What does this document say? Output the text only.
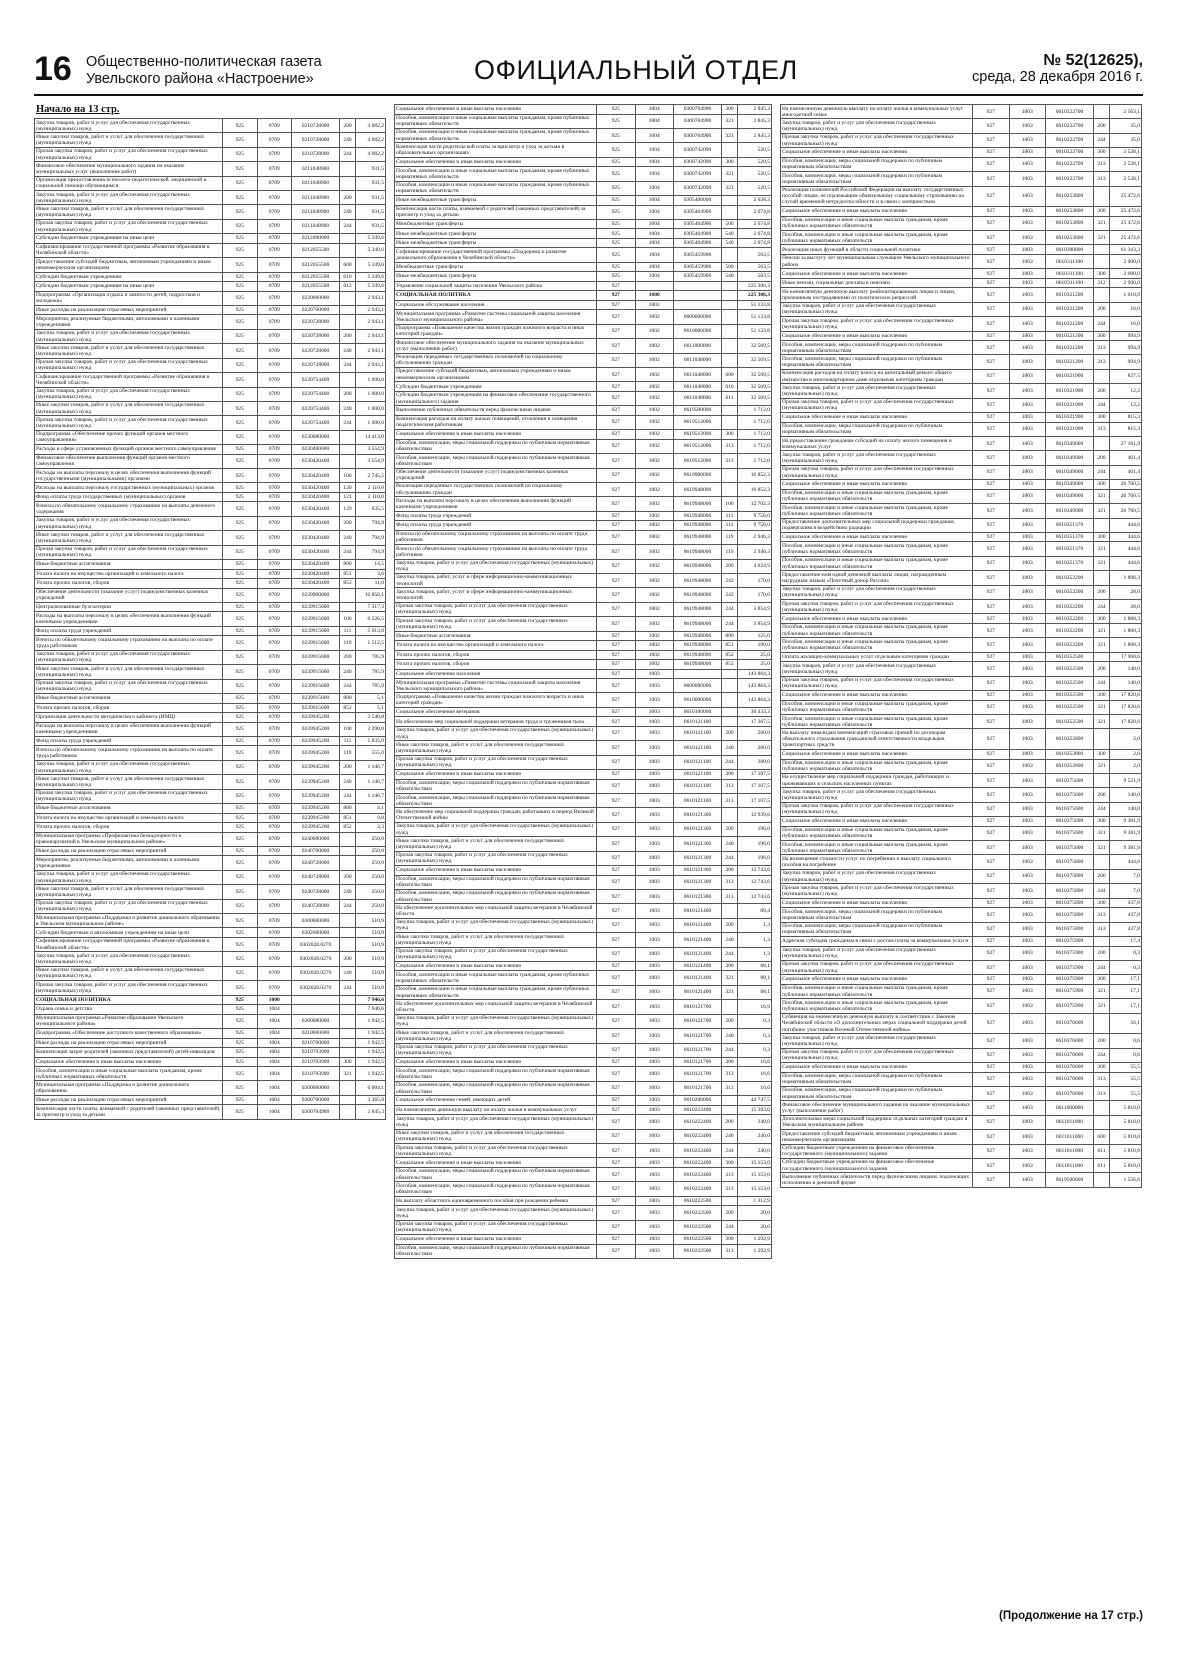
16 Общественно-политическая газета
Увельского района «Настроение»	ОФИЦИАЛЬНЫЙ ОТДЕЛ	№ 52(12625),
среда, 28 декабря 2016 г.
Начало на 13 стр.
Закупка товаров, работ и услуг для обеспечения государственных (муниципальных) нужд	925	0709	0210728000	200	4 082,2
Иные закупки товаров, работ и услуг для обеспечения государственных (муниципальных) нужд	925	0709	0210728000	240	4 082,2
Прочая закупка товаров, работ и услуг для обеспечения государственных (муниципальных) нужд	925	0709	0210728000	244	4 082,2
Финансовое обеспечение муниципального задания на оказание муниципальных услуг (выполнение работ)	925	0709	0211048900		931,5
Организация предоставления психолого-педагогической, медицинской и социальной помощи обучающимся	925	0709	0211048900		931,5
Закупка товаров, работ и услуг для обеспечения государственных (муниципальных) нужд	925	0709	0211048900	200	931,5
Иные закупки товаров, работ и услуг для обеспечения государственных (муниципальных) нужд	925	0709	0211048900	240	931,5
Прочая закупка товаров, работ и услуг для обеспечения государственных (муниципальных) нужд	925	0709	0211048900	244	931,5
Субсидии бюджетным учреждениям на иные цели	925	0709	0212000000		5 349,6
Софинансирование государственной программы «Развитие образования в Челябинской области»	925	0709	0212055500		5 349,6
Предоставление субсидий бюджетным, автономным учреждениям и иным некоммерческим организациям	925	0709	0212055500	600	5 349,6
Субсидии бюджетным учреждениям	925	0709	0212055500	610	5 349,6
Субсидии бюджетным учреждениям на иные цели	925	0709	0212055500	612	5 349,6
Подпрограмма «Организация отдыха и занятости детей, подростков и молодежи»	925	0709	0220000000		2 943,1
Иные расходы на реализацию отраслевых мероприятий	925	0709	0220700000		2 943,1
Мероприятия, реализуемые бюджетными, автономными и казенными учреждениями	925	0709	0220728000		2 943,1
Закупка товаров, работ и услуг для обеспечения государственных (муниципальных) нужд	925	0709	0220728000	200	2 943,1
Иные закупки товаров, работ и услуг для обеспечения государственных (муниципальных) нужд	925	0709	0220728000	240	2 943,1
Прочая закупка товаров, работ и услуг для обеспечения государственных (муниципальных) нужд	925	0709	0220728000	244	2 943,1
Софинансирование государственной программы «Развитие образования в Челябинской области»	925	0709	0220754400		1 000,0
Закупка товаров, работ и услуг для обеспечения государственных (муниципальных) нужд	925	0709	0220754400	200	1 000,0
Иные закупки товаров, работ и услуг для обеспечения государственных (муниципальных) нужд	925	0709	0220754400	240	1 000,0
Прочая закупка товаров, работ и услуг для обеспечения государственных (муниципальных) нужд	925	0709	0220754400	244	1 000,0
Подпрограмма «Обеспечение прочих функций органов местного самоуправления»	925	0709	0230000000		14 413,0
Расходы в сфере установленных функций органов местного самоуправления	925	0709	0230400000		3 554,9
Финансовое обеспечение выполнения функций органов местного самоуправления	925	0709	0230420400		3 554,9
Расходы на выплаты персоналу в целях обеспечения выполнения функций государственными (муниципальными) органами	925	0709	0230420400	100	2 745,5
Расходы на выплаты персоналу государственных (муниципальных) органов	925	0709	0230420400	120	2 110,0
Фонд оплаты труда государственных (муниципальных) органов	925	0709	0230420400	121	2 110,0
Взносы по обязательному социальному страхованию на выплаты денежного содержания	925	0709	0230420400	129	635,5
Закупка товаров, работ и услуг для обеспечения государственных (муниципальных) нужд	925	0709	0230420400	200	794,9
Иные закупки товаров, работ и услуг для обеспечения государственных (муниципальных) нужд	925	0709	0230420400	240	794,9
Прочая закупка товаров, работ и услуг для обеспечения государственных (муниципальных) нужд	925	0709	0230420400	244	794,9
Иные бюджетные ассигнования	925	0709	0230420400	800	14,5
Уплата налога на имущество организаций и земельного налога	925	0709	0230420400	851	3,6
Уплата прочих налогов, сборов	925	0709	0230420400	852	11,0
Обеспечение деятельности (оказание услуг) подведомственных казенных учреждений	925	0709	0239900000		10 858,1
Централизованные бухгалтерии	925	0709	0239915600		7 317,3
Расходы на выплаты персоналу в целях обеспечения выполнения функций казенными учреждениями	925	0709	0239915600	100	6 526,5
Фонд оплаты труда учреждений	925	0709	0239915600	111	5 013,8
Взносы по обязательному социальному страхованию на выплаты по оплате труда работников	925	0709	0239915600	119	1 512,5
Закупка товаров, работ и услуг для обеспечения государственных (муниципальных) нужд	925	0709	0239915600	200	785,9
Иные закупки товаров, работ и услуг для обеспечения государственных (муниципальных) нужд	925	0709	0239915600	240	785,9
Прочая закупка товаров, работ и услуг для обеспечения государственных (муниципальных) нужд	925	0709	0239915600	244	785,9
Иные бюджетные ассигнования	925	0709	0239915600	800	5,1
Уплата прочих налогов, сборов	925	0709	0239915600	852	5,1
Организация деятельности методического кабинета (ИМЦ)	925	0709	0239945200		3 540,8
Расходы на выплаты персоналу в целях обеспечения выполнения функций казенными учреждениями	925	0709	0239945200	100	2 390,0
Фонд оплаты труда учреждений	925	0709	0239945200	111	1 835,0
Взносы по обязательному социальному страхованию на выплаты по оплате труда работников	925	0709	0239945200	119	555,0
Закупка товаров, работ и услуг для обеспечения государственных (муниципальных) нужд	925	0709	0239945200	200	1 146,7
Иные закупки товаров, работ и услуг для обеспечения государственных (муниципальных) нужд	925	0709	0239945200	240	1 146,7
Прочая закупка товаров, работ и услуг для обеспечения государственных (муниципальных) нужд	925	0709	0239945200	244	1 146,7
Иные бюджетные ассигнования	925	0709	0239945200	800	4,1
Уплата налога на имущество организаций и земельного налога	925	0709	0239945200	851	0,8
Уплата прочих налогов, сборов	925	0709	0239945200	852	3,3
Муниципальная программа «Профилактика безнадзорности и правонарушений в Увельском муниципальном районе»	925	0709	0240000000		250,0
Иные расходы на реализацию отраслевых мероприятий	925	0709	0240700000		250,0
Мероприятия, реализуемые бюджетными, автономными и казенными учреждениями	925	0709	0240728000		250,0
Закупка товаров, работ и услуг для обеспечения государственных (муниципальных) нужд	925	0709	0240728000	200	250,0
Иные закупки товаров, работ и услуг для обеспечения государственных (муниципальных) нужд	925	0709	0240728000	240	250,0
Прочая закупка товаров, работ и услуг для обеспечения государственных (муниципальных) нужд	925	0709	0240728000	244	250,0
Муниципальная программа «Поддержка и развитие дошкольного образования в Увельском муниципальном районе»	925	0709	0300000000		510,9
Субсидии бюджетным и автономным учреждениям на иные цели	925	0709	0302000000		510,9
Софинансирование государственной программы «Развитие образования в Челябинской области»	925	0709	0302028.0270		510,9
Закупка товаров, работ и услуг для обеспечения государственных (муниципальных) нужд	925	0709	0302028.0270	200	510,9
Иные закупки товаров, работ и услуг для обеспечения государственных (муниципальных) нужд	925	0709	0302028.0270	240	510,9
Прочая закупка товаров, работ и услуг для обеспечения государственных (муниципальных) нужд	925	0709	0302028.0270	244	510,9
СОЦИАЛЬНАЯ ПОЛИТИКА	925	1000			7 946,6
Охрана семьи и детства	925	1004			7 946,6
Муниципальная программа «Развитие образования Увельского муниципального района»	925	1004	0200000000		1 942,5
Подпрограмма «Обеспечение доступного качественного образования»	925	1004	0210000000		1 942,5
Иные расходы на реализацию отраслевых мероприятий	925	1004	0210700000		1 942,5
Компенсация затрат родителей (законных представителей) детей-инвалидов	925	1004	0210703900		1 942,5
Социальное обеспечение и иные выплаты населению	925	1004	0210703900	300	1 942,5
Пособия, компенсации и иные социальные выплаты гражданам, кроме публичных нормативных обязательств	925	1004	0210703900	321	1 942,5
Муниципальная программа «Поддержка и развитие дошкольного образования»	925	1004	0300000000		6 004,1
Иные расходы на реализацию отраслевых мероприятий	925	1004	0300700000		3 365,8
Компенсация части платы, взимаемой с родителей (законных представителей) за присмотр и уход за детьми	925	1004	0300704900		2 845,3
Социальное обеспечение и иные выплаты населению	925	1004	0300704900	300	2 845,3
Пособия, компенсации и иные социальные выплаты гражданам, кроме публичных нормативных обязательств	925	1004	0300704900	321	2 845,3
Пособия, компенсации и иные социальные выплаты гражданам, кроме публичных нормативных обязательств	925	1004	0300704900	321	2 845,3
Компенсация части родительской платы за присмотр и уход за детьми в образовательных организациях	925	1004	0300742090		520,5
Социальное обеспечение и иные выплаты населению	925	1004	0300742090	300	520,5
Пособия, компенсации и иные социальные выплаты гражданам, кроме публичных нормативных обязательств	925	1004	0300742090	321	520,5
Пособия, компенсации и иные социальные выплаты гражданам, кроме публичных нормативных обязательств	925	1004	0300742090	321	520,5
Иные межбюджетные трансферты	925	1004	0305400000		2 638,3
Компенсация части платы, взимаемой с родителей (законных представителей) за присмотр и уход за детьми	925	1004	0305404900		2 074,8
Межбюджетные трансферты	925	1004	0305404900	500	2 074,8
Иные межбюджетные трансферты	925	1004	0305404900	540	2 074,8
Иные межбюджетные трансферты	925	1004	0305404900	540	2 074,8
Софинансирование государственной программы «Поддержка и развитие дошкольного образования в Челябинской области»	925	1004	0305459900		563,5
Межбюджетные трансферты	925	1004	0305459900	500	563,5
Иные межбюджетные трансферты	925	1004	0305459900	540	563,5
Управление социальной защиты населения Увельского района	927				225 306,3
СОЦИАЛЬНАЯ ПОЛИТИКА	927	1000			225 306,3
Социальное обслуживание населения	927	1002			51 133,8
Муниципальная программа «Развитие системы социальной защиты населения Увельского муниципального района»	927	1002	0600000000		51 133,8
Подпрограмма «Повышение качества жизни граждан пожилого возраста и иных категорий граждан»	927	1002	0610000000		51 133,8
Финансовое обеспечение муниципального задания на оказание муниципальных услуг (выполнение работ)	927	1002	0611000000		32 569,5
Реализация переданных государственных полномочий по социальному обслуживанию граждан	927	1002	0611048000		32 569,5
Предоставление субсидий бюджетным, автономным учреждениям и иным некоммерческим организациям	927	1002	0611048000	600	32 569,5
Субсидии бюджетным учреждениям	927	1002	0611048000	610	32 569,5
Субсидии бюджетным учреждениям на финансовое обеспечение государственного (муниципального) задания	927	1002	0611048000	611	32 569,5
Выполнение публичных обязательств перед физическими лицами	927	1002	0619500000		1 712,0
Компенсация расходов на оплату жилых помещений, отопления и освещения педагогическим работникам	927	1002	0619512000		1 712,0
Социальное обеспечение и иные выплаты населению	927	1002	0619512000	300	1 712,0
Пособия, компенсации, меры социальной поддержки по публичным нормативным обязательствам	927	1002	0619512000	313	1 712,0
Пособия, компенсации, меры социальной поддержки по публичным нормативным обязательствам	927	1002	0619512000	313	1 712,0
Обеспечение деятельности (оказание услуг) подведомственных казенных учреждений	927	1002	0619900000		16 852,3
Реализация переданных государственных полномочий по социальному обслуживанию граждан	927	1002	0619948000		16 852,3
Расходы на выплаты персоналу в целях обеспечения выполнения функций казенными учреждениями	927	1002	0619948000	100	12 702,3
Фонд оплаты труда учреждений	927	1002	0619948000	111	9 756,0
Фонд оплаты труда учреждений	927	1002	0619948000	111	9 756,0
Взносы по обязательному социальному страхованию на выплаты по оплате труда работников	927	1002	0619948000	119	2 946,3
Взносы по обязательному социальному страхованию на выплаты по оплате труда работников	927	1002	0619948000	119	2 946,3
Закупка товаров, работ и услуг для обеспечения государственных (муниципальных) нужд	927	1002	0619948000	200	4 024,9
Закупка товаров, работ, услуг в сфере информационно-коммуникационных технологий	927	1002	0619948000	242	170,0
Закупка товаров, работ, услуг в сфере информационно-коммуникационных технологий	927	1002	0619948000	242	170,0
Прочая закупка товаров, работ и услуг для обеспечения государственных (муниципальных) нужд	927	1002	0619948000	244	3 854,9
Прочая закупка товаров, работ и услуг для обеспечения государственных (муниципальных) нужд	927	1002	0619948000	244	3 854,9
Иные бюджетные ассигнования	927	1002	0619948000	800	125,0
Уплата налога на имущество организаций и земельного налога	927	1002	0619948000	851	100,0
Уплата прочих налогов, сборов	927	1002	0619948000	852	25,0
Уплата прочих налогов, сборов	927	1002	0619948000	852	25,0
Социальное обеспечение населения	927	1003			143 864,3
Муниципальная программа «Развитие системы социальной защиты населения Увельского муниципального района»	927	1003	0600000000		143 864,3
Подпрограмма «Повышение качества жизни граждан пожилого возраста и иных категорий граждан»	927	1003	0610000000		143 864,3
Социальное обеспечение ветеранов	927	1003	0610100000		30 433,3
На обеспечение мер социальной поддержки ветеранов труда и тружеников тыла	927	1003	0610121100		17 367,5
Закупка товаров, работ и услуг для обеспечения государственных (муниципальных) нужд	927	1003	0610121100	200	260,0
Иные закупки товаров, работ и услуг для обеспечения государственных (муниципальных) нужд	927	1003	0610121100	240	260,0
Прочая закупка товаров, работ и услуг для обеспечения государственных (муниципальных) нужд	927	1003	0610121100	244	260,0
Социальное обеспечение и иные выплаты населению	927	1003	0610121100	300	17 107,5
Пособия, компенсации, меры социальной поддержки по публичным нормативным обязательствам	927	1003	0610121100	313	17 107,5
Пособия, компенсации, меры социальной поддержки по публичным нормативным обязательствам	927	1003	0610121100	313	17 107,5
На обеспечение мер социальной поддержки граждан, работавших в период Великой Отечественной войны	927	1003	0610121300		12 939,6
Закупка товаров, работ и услуг для обеспечения государственных (муниципальных) нужд	927	1003	0610121300	200	196,0
Иные закупки товаров, работ и услуг для обеспечения государственных (муниципальных) нужд	927	1003	0610121300	240	196,0
Прочая закупка товаров, работ и услуг для обеспечения государственных (муниципальных) нужд	927	1003	0610121300	244	196,0
Социальное обеспечение и иные выплаты населению	927	1003	0610121300	300	12 743,6
Пособия, компенсации, меры социальной поддержки по публичным нормативным обязательствам	927	1003	0610121300	313	12 743,6
Пособия, компенсации, меры социальной поддержки по публичным нормативным обязательствам	927	1003	0610121300	313	12 743,6
На обеспечение дополнительных мер социальной защиты ветеранов в Челябинской области	927	1003	0610121400		89,4
Закупка товаров, работ и услуг для обеспечения государственных (муниципальных) нужд	927	1003	0610121400	200	1,3
Иные закупки товаров, работ и услуг для обеспечения государственных (муниципальных) нужд	927	1003	0610121400	240	1,3
Прочая закупка товаров, работ и услуг для обеспечения государственных (муниципальных) нужд	927	1003	0610121400	244	1,3
Социальное обеспечение и иные выплаты населению	927	1003	0610121400	300	88,1
Пособия, компенсации и иные социальные выплаты гражданам, кроме публичных нормативных обязательств	927	1003	0610121400	321	88,1
Пособия, компенсации и иные социальные выплаты гражданам, кроме публичных нормативных обязательств	927	1003	0610121400	321	88,1
На обеспечение дополнительных мер социальной защиты ветеранов в Челябинской области	927	1003	0610121700		16,9
Закупка товаров, работ и услуг для обеспечения государственных (муниципальных) нужд	927	1003	0610121700	200	0,3
Иные закупки товаров, работ и услуг для обеспечения государственных (муниципальных) нужд	927	1003	0610121700	240	0,3
Прочая закупка товаров, работ и услуг для обеспечения государственных (муниципальных) нужд	927	1003	0610121700	244	0,3
Социальное обеспечение и иные выплаты населению	927	1003	0610121700	300	16,6
Пособия, компенсации, меры социальной поддержки по публичным нормативным обязательствам	927	1003	0610121700	313	16,6
Пособия, компенсации, меры социальной поддержки по публичным нормативным обязательствам	927	1003	0610121700	313	16,6
Социальное обеспечение семей, имеющих детей	927	1003	0610200000		44 747,5
На ежемесячную денежную выплату на оплату жилья и коммунальных услуг	927	1003	0610222400		15 393,0
Закупка товаров, работ и услуг для обеспечения государственных (муниципальных) нужд	927	1003	0610222400	200	240,0
Иные закупки товаров, работ и услуг для обеспечения государственных (муниципальных) нужд	927	1003	0610222400	240	240,0
Прочая закупка товаров, работ и услуг для обеспечения государственных (муниципальных) нужд	927	1003	0610222400	244	240,0
Социальное обеспечение и иные выплаты населению	927	1003	0610222400	300	15 153,0
Пособия, компенсации, меры социальной поддержки по публичным нормативным обязательствам	927	1003	0610222400	313	15 153,0
Пособия, компенсации, меры социальной поддержки по публичным нормативным обязательствам	927	1003	0610222400	313	15 153,0
На выплату областного единовременного пособия при рождении ребенка	927	1003	0610222500		1 312,9
Закупка товаров, работ и услуг для обеспечения государственных (муниципальных) нужд	927	1003	0610222500	200	20,0
Прочая закупка товаров, работ и услуг для обеспечения государственных (муниципальных) нужд	927	1003	0610222500	244	20,0
Социальное обеспечение и иные выплаты населению	927	1003	0610222500	300	1 292,9
Пособия, компенсации, меры социальной поддержки по публичным нормативным обязательствам	927	1003	0610222500	313	1 292,9
На ежемесячную денежную выплату на оплату жилья и коммунальных услуг многодетной семье	927	1003	0610222700		2 563,1
Закупка товаров, работ и услуг для обеспечения государственных (муниципальных) нужд	927	1003	0610222700	200	35,0
Прочая закупка товаров, работ и услуг для обеспечения государственных (муниципальных) нужд	927	1003	0610222700	244	35,0
Социальное обеспечение и иные выплаты населению	927	1003	0610222700	300	2 528,1
Пособия, компенсации, меры социальной поддержки по публичным нормативным обязательствам	927	1003	0610222700	313	2 528,1
Пособия, компенсации, меры социальной поддержки по публичным нормативным обязательствам	927	1003	0610222700	313	2 528,1
Реализация полномочий Российской Федерации на выплату государственных пособий лицам, не подлежащим обязательному социальному страхованию на случай временной нетрудоспособности и в связи с материнством	927	1003	0610253800		25 472,6
Социальное обеспечение и иные выплаты населению	927	1003	0610253800	300	25 472,6
Пособия, компенсации и иные социальные выплаты гражданам, кроме публичных нормативных обязательств	927	1003	0610253800	321	25 472,6
Пособия, компенсации и иные социальные выплаты гражданам, кроме публичных нормативных обязательств	927	1003	0610253800	321	25 472,6
Реализация иных функций в области социальной политики	927	1003	0610300000		61 343,3
Пенсии за выслугу лет муниципальным служащим Увельского муниципального района	927	1003	0610311100		2 000,0
Социальное обеспечение и иные выплаты населению	927	1003	0610311100	300	2 000,0
Иные пенсии, социальные доплаты к пенсиям	927	1003	0610311100	312	2 000,0
На ежемесячную денежную выплату реабилитированным лицам и лицам, признанным пострадавшими от политических репрессий	927	1003	0610321200		1 010,9
Закупка товаров, работ и услуг для обеспечения государственных (муниципальных) нужд	927	1003	0610321200	200	16,0
Прочая закупка товаров, работ и услуг для обеспечения государственных (муниципальных) нужд	927	1003	0610321200	244	16,0
Социальное обеспечение и иные выплаты населению	927	1003	0610321200	300	994,9
Пособия, компенсации, меры социальной поддержки по публичным нормативным обязательствам	927	1003	0610321200	313	994,9
Пособия, компенсации, меры социальной поддержки по публичным нормативным обязательствам	927	1003	0610321200	313	994,9
Компенсация расходов на уплату взноса на капитальный ремонт общего имущества в многоквартирном доме отдельным категориям граждан	927	1003	0610321900		827,5
Закупка товаров, работ и услуг для обеспечения государственных (муниципальных) нужд	927	1003	0610321900	200	12,2
Прочая закупка товаров, работ и услуг для обеспечения государственных (муниципальных) нужд	927	1003	0610321900	244	12,2
Социальное обеспечение и иные выплаты населению	927	1003	0610321900	300	815,3
Пособия, компенсации, меры социальной поддержки по публичным нормативным обязательствам	927	1003	0610321900	313	815,3
На предоставление гражданам субсидий на оплату жилого помещения и коммунальных услуг	927	1003	0610349000		27 161,9
Закупка товаров, работ и услуг для обеспечения государственных (муниципальных) нужд	927	1003	0610349000	200	401,4
Прочая закупка товаров, работ и услуг для обеспечения государственных (муниципальных) нужд	927	1003	0610349000	244	401,4
Социальное обеспечение и иные выплаты населению	927	1003	0610349000	300	26 760,5
Пособия, компенсации и иные социальные выплаты гражданам, кроме публичных нормативных обязательств	927	1003	0610349000	321	26 760,5
Пособия, компенсации и иные социальные выплаты гражданам, кроме публичных нормативных обязательств	927	1003	0610349000	321	26 760,5
Предоставление дополнительных мер социальной поддержки гражданам, подвергшимся воздействию радиации	927	1003	0610351370		444,6
Социальное обеспечение и иные выплаты населению	927	1003	0610351370	300	444,6
Пособия, компенсации и иные социальные выплаты гражданам, кроме публичных нормативных обязательств	927	1003	0610351370	321	444,6
Пособия, компенсации и иные социальные выплаты гражданам, кроме публичных нормативных обязательств	927	1003	0610351370	321	444,6
Предоставление ежегодной денежной выплаты лицам, награжденным нагрудным знаком «Почетный донор России»	927	1003	0610352200		1 896,3
Закупка товаров, работ и услуг для обеспечения государственных (муниципальных) нужд	927	1003	0610352200	200	28,0
Прочая закупка товаров, работ и услуг для обеспечения государственных (муниципальных) нужд	927	1003	0610352200	244	28,0
Социальное обеспечение и иные выплаты населению	927	1003	0610352200	300	1 868,3
Пособия, компенсации и иные социальные выплаты гражданам, кроме публичных нормативных обязательств	927	1003	0610352200	321	1 868,3
Пособия, компенсации и иные социальные выплаты гражданам, кроме публичных нормативных обязательств	927	1003	0610352200	321	1 868,3
Оплата жилищно-коммунальных услуг отдельным категориям граждан	927	1003	0610352500		17 960,6
Закупка товаров, работ и услуг для обеспечения государственных (муниципальных) нужд	927	1003	0610352500	200	140,0
Прочая закупка товаров, работ и услуг для обеспечения государственных (муниципальных) нужд	927	1003	0610352500	244	140,0
Социальное обеспечение и иные выплаты населению	927	1003	0610352500	300	17 820,6
Пособия, компенсации и иные социальные выплаты гражданам, кроме публичных нормативных обязательств	927	1003	0610352500	321	17 820,6
Пособия, компенсации и иные социальные выплаты гражданам, кроме публичных нормативных обязательств	927	1003	0610352500	321	17 820,6
На выплату инвалидам компенсаций страховых премий по договорам обязательного страхования гражданской ответственности владельцев транспортных средств	927	1003	0610352800		2,0
Социальное обеспечение и иные выплаты населению	927	1003	0610352800	300	2,0
Пособия, компенсации и иные социальные выплаты гражданам, кроме публичных нормативных обязательств	927	1003	0610352800	321	2,0
На осуществление мер социальной поддержки граждан, работающих и проживающих в сельских населенных пунктах	927	1003	0610375600		9 521,9
Закупка товаров, работ и услуг для обеспечения государственных (муниципальных) нужд	927	1003	0610375600	200	140,0
Прочая закупка товаров, работ и услуг для обеспечения государственных (муниципальных) нужд	927	1003	0610375600	244	140,0
Социальное обеспечение и иные выплаты населению	927	1003	0610375600	300	9 381,9
Пособия, компенсации и иные социальные выплаты гражданам, кроме публичных нормативных обязательств	927	1003	0610375600	321	9 381,9
Пособия, компенсации и иные социальные выплаты гражданам, кроме публичных нормативных обязательств	927	1003	0610375600	321	9 381,9
На возмещение стоимости услуг по погребению и выплату социального пособия на погребение	927	1003	0610375800		444,8
Закупка товаров, работ и услуг для обеспечения государственных (муниципальных) нужд	927	1003	0610375800	200	7,0
Прочая закупка товаров, работ и услуг для обеспечения государственных (муниципальных) нужд	927	1003	0610375800	244	7,0
Социальное обеспечение и иные выплаты населению	927	1003	0610375800	300	437,8
Пособия, компенсации, меры социальной поддержки по публичным нормативным обязательствам	927	1003	0610375800	313	437,8
Пособия, компенсации, меры социальной поддержки по публичным нормативным обязательствам	927	1003	0610375800	313	437,8
Адресная субсидия гражданам в связи с ростом платы за коммунальные услуги	927	1003	0610375900		17,4
Закупка товаров, работ и услуг для обеспечения государственных (муниципальных) нужд	927	1003	0610375900	200	0,3
Прочая закупка товаров, работ и услуг для обеспечения государственных (муниципальных) нужд	927	1003	0610375900	244	0,3
Социальное обеспечение и иные выплаты населению	927	1003	0610375900	300	17,1
Пособия, компенсации и иные социальные выплаты гражданам, кроме публичных нормативных обязательств	927	1003	0610375900	321	17,1
Пособия, компенсации и иные социальные выплаты гражданам, кроме публичных нормативных обязательств	927	1003	0610375900	321	17,1
Субвенция на ежемесячную денежную выплату в соответствии с Законом Челябинской области «О дополнительных мерах социальной поддержки детей погибших участников Великой Отечественной войны»	927	1003	0610376000		56,1
Закупка товаров, работ и услуг для обеспечения государственных (муниципальных) нужд	927	1003	0610376000	200	0,6
Прочая закупка товаров, работ и услуг для обеспечения государственных (муниципальных) нужд	927	1003	0610376000	244	0,6
Социальное обеспечение и иные выплаты населению	927	1003	0610376000	300	55,5
Пособия, компенсации, меры социальной поддержки по публичным нормативным обязательствам	927	1003	0610376000	313	55,5
Пособия, компенсации, меры социальной поддержки по публичным нормативным обязательствам	927	1003	0610376000	313	55,5
Финансовое обеспечение муниципального задания на оказание муниципальных услуг (выполнение работ)	927	1003	0611000000		5 810,0
Дополнительные меры социальной поддержки отдельных категорий граждан в Увельском муниципальном районе	927	1003	0611011000		5 810,0
Предоставление субсидий бюджетным, автономным учреждениям и иным некоммерческим организациям	927	1003	0611011000	600	5 810,0
Субсидии бюджетным учреждениям на финансовое обеспечение государственного (муниципального) задания	927	1003	0611011000	611	5 810,0
Субсидии бюджетным учреждениям на финансовое обеспечение государственного (муниципального) задания	927	1003	0611011000	611	5 810,0
Выполнение публичных обязательств перед физическими лицами, подлежащих исполнению в денежной форме	927	1003	0619500000		1 556,6
(Продолжение на 17 стр.)
